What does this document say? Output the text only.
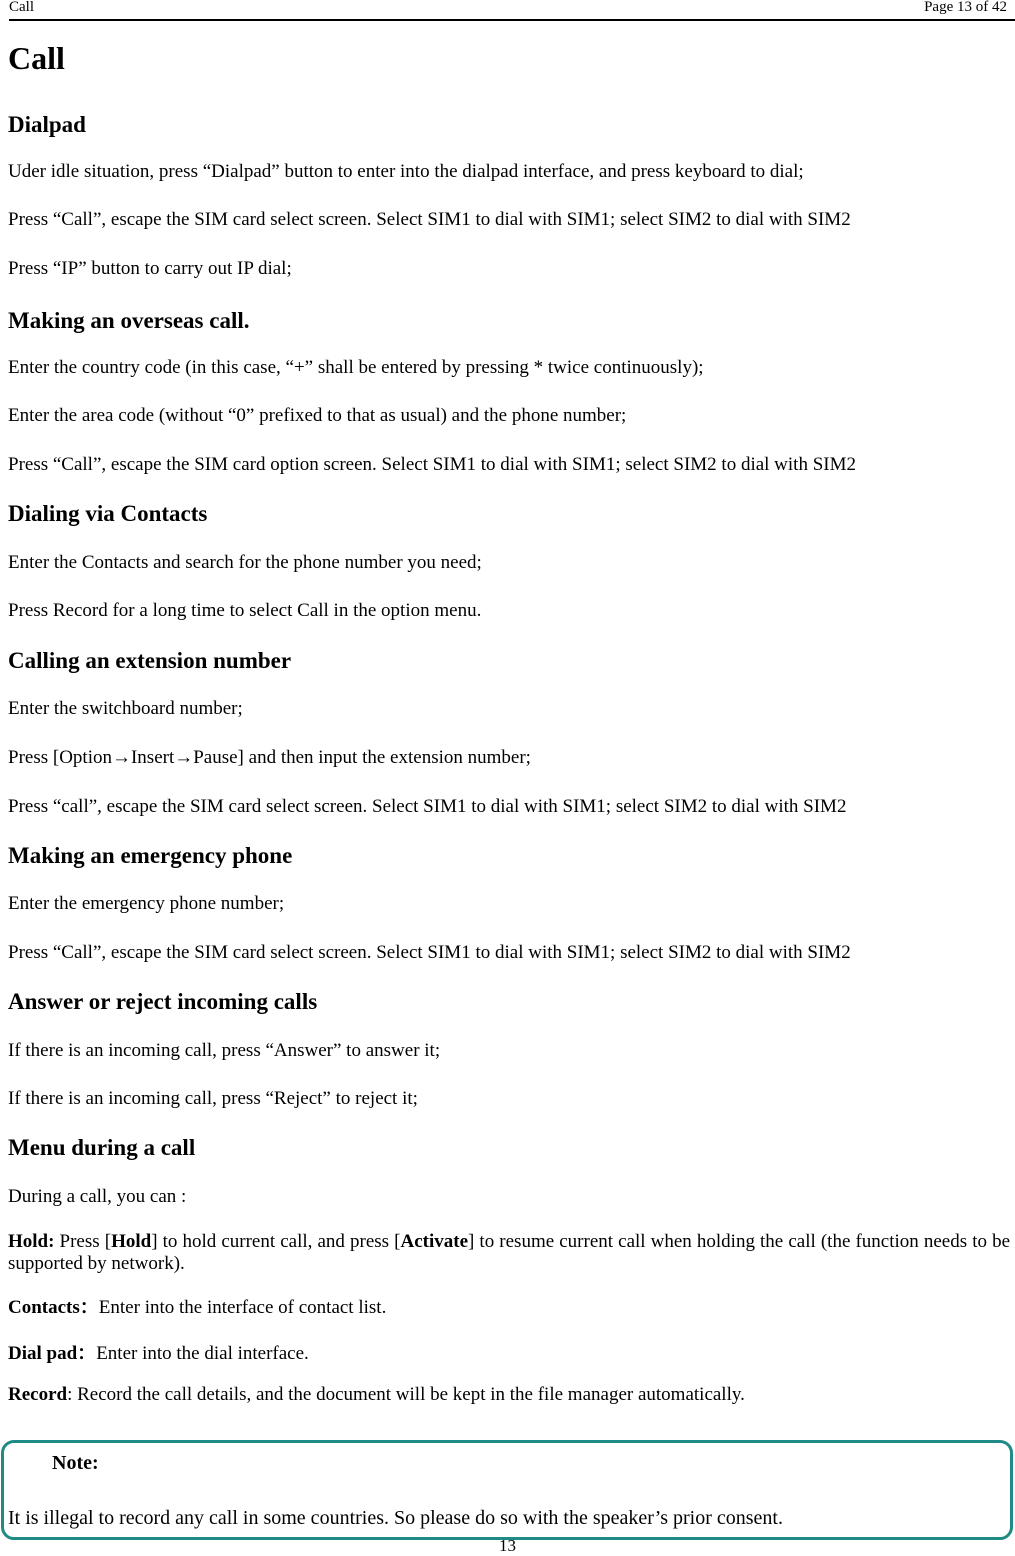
Call	Page 13 of 42
Call
Dialpad

Uder idle situation, press “Dialpad” button to enter into the dialpad interface, and press keyboard to dial;

Press “Call”, escape the SIM card select screen. Select SIM1 to dial with SIM1; select SIM2 to dial with SIM2

Press “IP” button to carry out IP dial;

Making an overseas call.

Enter the country code (in this case, “+” shall be entered by pressing * twice continuously);

Enter the area code (without “0” prefixed to that as usual) and the phone number;

Press “Call”, escape the SIM card option screen. Select SIM1 to dial with SIM1; select SIM2 to dial with SIM2

Dialing via Contacts

Enter the Contacts and search for the phone number you need;

Press Record for a long time to select Call in the option menu.

Calling an extension number

Enter the switchboard number;

Press [Option→Insert→Pause] and then input the extension number;

Press “call”, escape the SIM card select screen. Select SIM1 to dial with SIM1; select SIM2 to dial with SIM2

Making an emergency phone

Enter the emergency phone number;

Press “Call”, escape the SIM card select screen. Select SIM1 to dial with SIM1; select SIM2 to dial with SIM2

Answer or reject incoming calls

If there is an incoming call, press “Answer” to answer it;

If there is an incoming call, press “Reject” to reject it;

Menu during a call

During a call, you can :

Hold: Press [Hold] to hold current call, and press [Activate] to resume current call when holding the call (the function needs to be supported by network).

Contacts：Enter into the interface of contact list.

Dial pad：Enter into the dial interface.

Record: Record the call details, and the document will be kept in the file manager automatically.

Note:
It is illegal to record any call in some countries. So please do so with the speaker’s prior consent.
13
